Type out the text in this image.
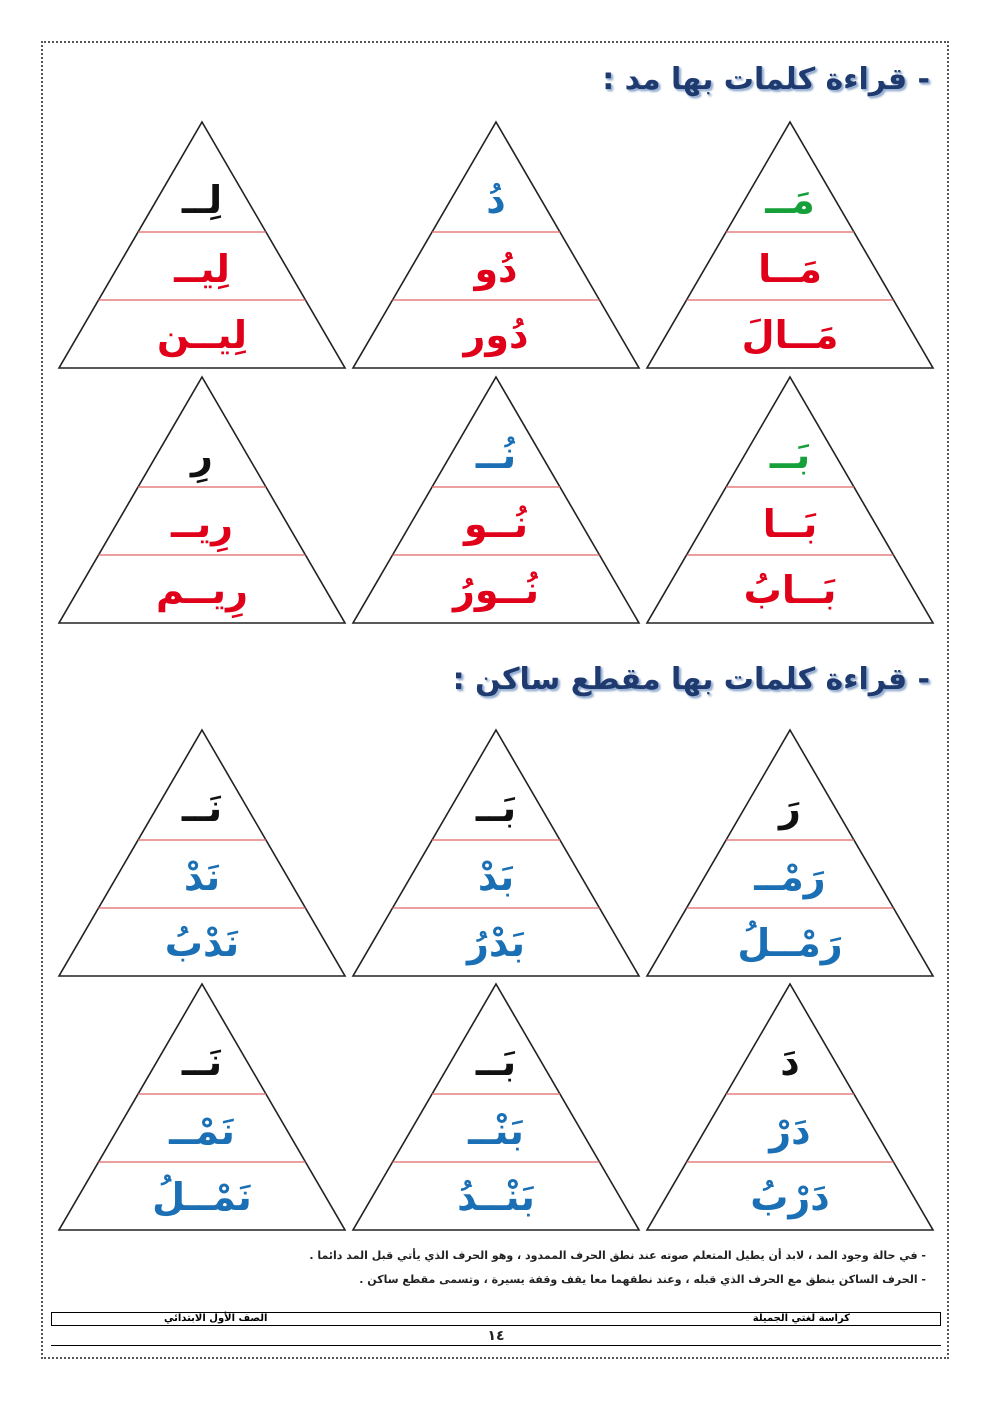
- قراءة كلمات بها مد :
- قراءة كلمات بها مقطع ساكن :
مَــ
مَــا
مَــالَ
دُ
دُو
دُور
لِــ
لِيــ
لِيــن
بَــ
بَــا
بَــابُ
نُــ
نُــو
نُــورُ
رِ
رِيــ
رِيــم
رَ
رَمْــ
رَمْــلُ
بَــ
بَدْ
بَدْرُ
نَــ
نَدْ
نَدْبُ
دَ
دَرْ
دَرْبُ
بَــ
بَنْــ
بَنْــدُ
نَــ
نَمْــ
نَمْــلُ
- في حالة وجود المد ، لابد أن يطيل المتعلم صوته عند نطق الحرف الممدود ، وهو الحرف الذي يأتي قبل المد دائما .
- الحرف الساكن ينطق مع الحرف الذي قبله ، وعند نطقهما معا يقف وقفة يسيرة ، وتسمى مقطع ساكن .
كراسة لغتي الجميلة
الصف الأول الابتدائي
١٤
